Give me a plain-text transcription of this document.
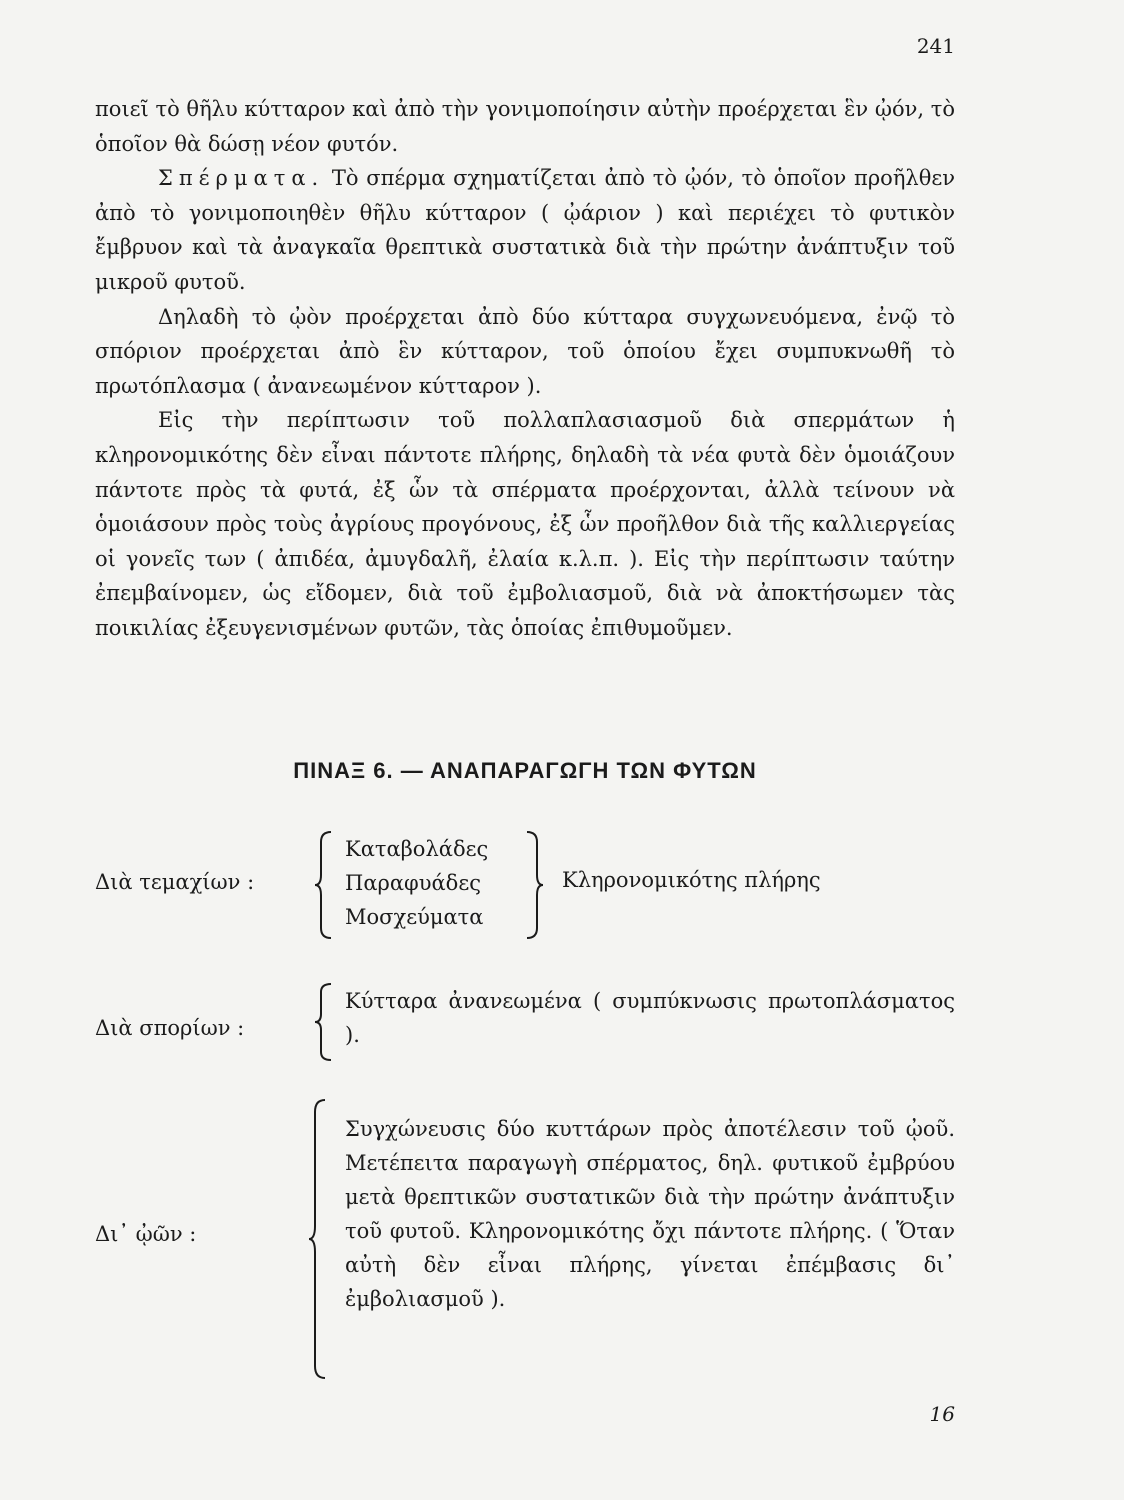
241

ποιεῖ τὸ θῆλυ κύτταρον καὶ ἀπὸ τὴν γονιμοποίησιν αὐτὴν προέρχεται ἓν ᾠόν, τὸ ὁποῖον θὰ δώσῃ νέον φυτόν.

Σπέρματα. Τὸ σπέρμα σχηματίζεται ἀπὸ τὸ ᾠόν, τὸ ὁποῖον προῆλθεν ἀπὸ τὸ γονιμοποιηθὲν θῆλυ κύτταρον ( ᾠάριον ) καὶ περιέχει τὸ φυτικὸν ἔμβρυον καὶ τὰ ἀναγκαῖα θρεπτικὰ συστατικὰ διὰ τὴν πρώτην ἀνάπτυξιν τοῦ μικροῦ φυτοῦ.

Δηλαδὴ τὸ ᾠὸν προέρχεται ἀπὸ δύο κύτταρα συγχωνευόμενα, ἐνῷ τὸ σπόριον προέρχεται ἀπὸ ἓν κύτταρον, τοῦ ὁποίου ἔχει συμπυκνωθῆ τὸ πρωτόπλασμα ( ἀνανεωμένον κύτταρον ).

Εἰς τὴν περίπτωσιν τοῦ πολλαπλασιασμοῦ διὰ σπερμάτων ἡ κληρονομικότης δὲν εἶναι πάντοτε πλήρης, δηλαδὴ τὰ νέα φυτὰ δὲν ὁμοιάζουν πάντοτε πρὸς τὰ φυτά, ἐξ ὧν τὰ σπέρματα προέρχονται, ἀλλὰ τείνουν νὰ ὁμοιάσουν πρὸς τοὺς ἀγρίους προγόνους, ἐξ ὧν προῆλθον διὰ τῆς καλλιεργείας οἱ γονεῖς των ( ἀπιδέα, ἀμυγδαλῆ, ἐλαία κ.λ.π. ). Εἰς τὴν περίπτωσιν ταύτην ἐπεμβαίνομεν, ὡς εἴδομεν, διὰ τοῦ ἐμβολιασμοῦ, διὰ νὰ ἀποκτήσωμεν τὰς ποικιλίας ἐξευγενισμένων φυτῶν, τὰς ὁποίας ἐπιθυμοῦμεν.

ΠΙΝΑΞ 6. — ΑΝΑΠΑΡΑΓΩΓΗ ΤΩΝ ΦΥΤΩΝ
Διὰ τεμαχίων :
Καταβολάδες
Παραφυάδες
Μοσχεύματα
Κληρονομικότης πλήρης
Διὰ σπορίων :
Κύτταρα ἀνανεωμένα ( συμπύκνωσις πρωτοπλάσματος ).
Δι᾽ ᾠῶν :
Συγχώνευσις δύο κυττάρων πρὸς ἀποτέλεσιν τοῦ ᾠοῦ. Μετέπειτα παραγωγὴ σπέρματος, δηλ. φυτικοῦ ἐμβρύου μετὰ θρεπτικῶν συστατικῶν διὰ τὴν πρώτην ἀνάπτυξιν τοῦ φυτοῦ. Κληρονομικότης ὄχι πάντοτε πλήρης. ( Ὅταν αὐτὴ δὲν εἶναι πλήρης, γίνεται ἐπέμβασις δι᾽ ἐμβολιασμοῦ ).
16
